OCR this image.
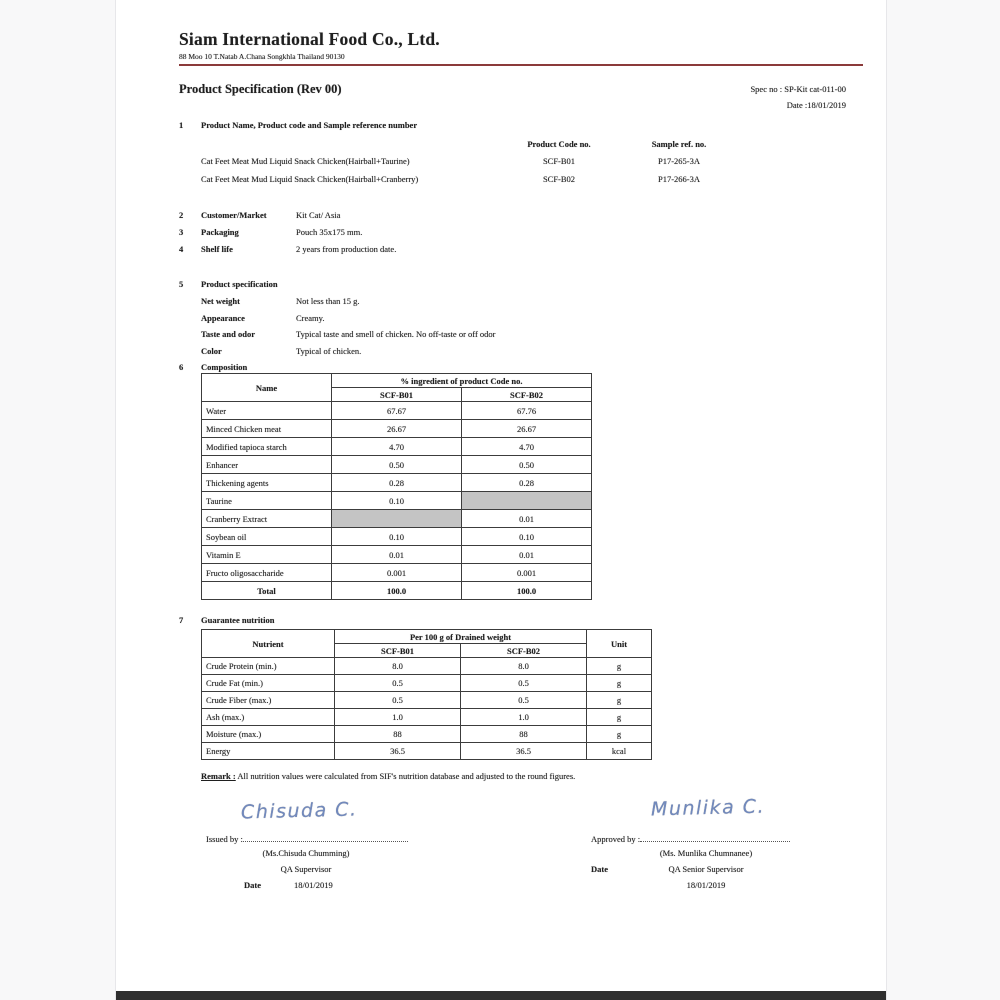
Siam International Food Co., Ltd.
88 Moo 10 T.Natab A.Chana Songkhla Thailand 90130
Product Specification (Rev 00)	Spec no : SP-Kit cat-011-00
Date :18/01/2019
1 Product Name, Product code and Sample reference number
Product Code no.	Sample ref. no.
Cat Feet Meat Mud Liquid Snack Chicken(Hairball+Taurine)	SCF-B01	P17-265-3A
Cat Feet Meat Mud Liquid Snack Chicken(Hairball+Cranberry)	SCF-B02	P17-266-3A
2 Customer/Market	Kit Cat/ Asia
3 Packaging	Pouch 35x175 mm.
4 Shelf life	2 years from production date.
5 Product specification
Net weight	Not less than 15 g.
Appearance	Creamy.
Taste and odor	Typical taste and smell of chicken. No off-taste or off odor
Color	Typical of chicken.
6 Composition
Name	% ingredient of product Code no.	
	SCF-B01	SCF-B02
Water	67.67	67.76
Minced Chicken meat	26.67	26.67
Modified tapioca starch	4.70	4.70
Enhancer	0.50	0.50
Thickening agents	0.28	0.28
Taurine	0.10	
Cranberry Extract		0.01
Soybean oil	0.10	0.10
Vitamin E	0.01	0.01
Fructo oligosaccharide	0.001	0.001
Total	100.0	100.0
7 Guarantee nutrition
Nutrient	Per 100 g of Drained weight		Unit
	SCF-B01	SCF-B02	
Crude Protein (min.)	8.0	8.0	g
Crude Fat (min.)	0.5	0.5	g
Crude Fiber (max.)	0.5	0.5	g
Ash (max.)	1.0	1.0	g
Moisture (max.)	88	88	g
Energy	36.5	36.5	kcal
Remark : All nutrition values were calculated from SIF's nutrition database and adjusted to the round figures.
Chisuda C.
Issued by :
(Ms.Chisuda Chumming)
QA Supervisor
Date	18/01/2019
Munlika C.
Approved by :
(Ms. Munlika Chumnanee)
Date	QA Senior Supervisor
18/01/2019
